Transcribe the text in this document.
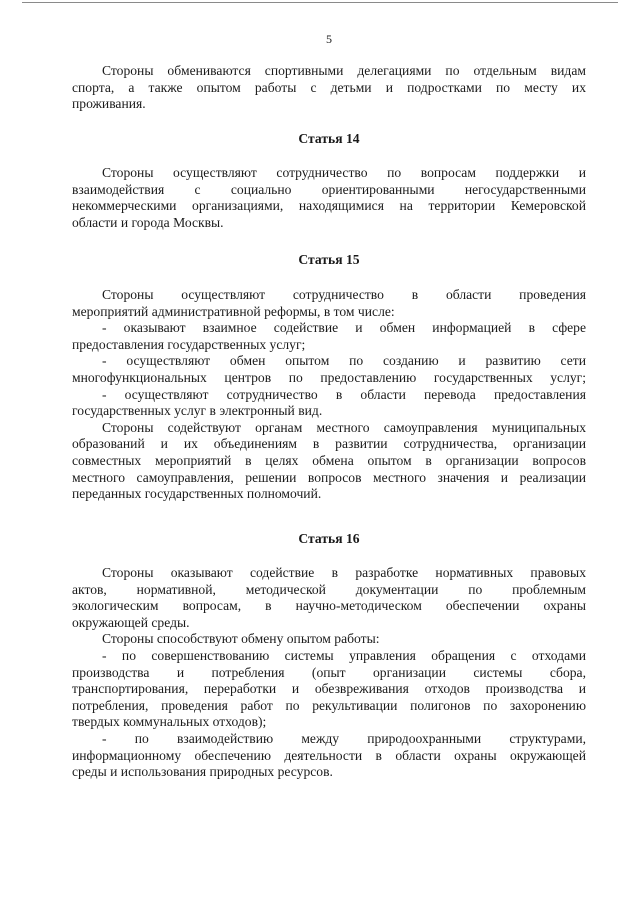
5
Стороны обмениваются спортивными делегациями по отдельным видам
спорта, а также опытом работы с детьми и подростками по месту их
проживания.
Статья 14
Стороны осуществляют сотрудничество по вопросам поддержки и
взаимодействия с социально ориентированными негосударственными
некоммерческими организациями, находящимися на территории Кемеровской
области и города Москвы.
Статья 15
Стороны осуществляют сотрудничество в области проведения
мероприятий административной реформы, в том числе:
- оказывают взаимное содействие и обмен информацией в сфере
предоставления государственных услуг;
- осуществляют обмен опытом по созданию и развитию сети
многофункциональных центров по предоставлению государственных услуг;
- осуществляют сотрудничество в области перевода предоставления
государственных услуг в электронный вид.
Стороны содействуют органам местного самоуправления муниципальных
образований и их объединениям в развитии сотрудничества, организации
совместных мероприятий в целях обмена опытом в организации вопросов
местного самоуправления, решении вопросов местного значения и реализации
переданных государственных полномочий.
Статья 16
Стороны оказывают содействие в разработке нормативных правовых
актов, нормативной, методической документации по проблемным
экологическим вопросам, в научно-методическом обеспечении охраны
окружающей среды.
Стороны способствуют обмену опытом работы:
- по совершенствованию системы управления обращения с отходами
производства и потребления (опыт организации системы сбора,
транспортирования, переработки и обезвреживания отходов производства и
потребления, проведения работ по рекультивации полигонов по захоронению
твердых коммунальных отходов);
- по взаимодействию между природоохранными структурами,
информационному обеспечению деятельности в области охраны окружающей
среды и использования природных ресурсов.
